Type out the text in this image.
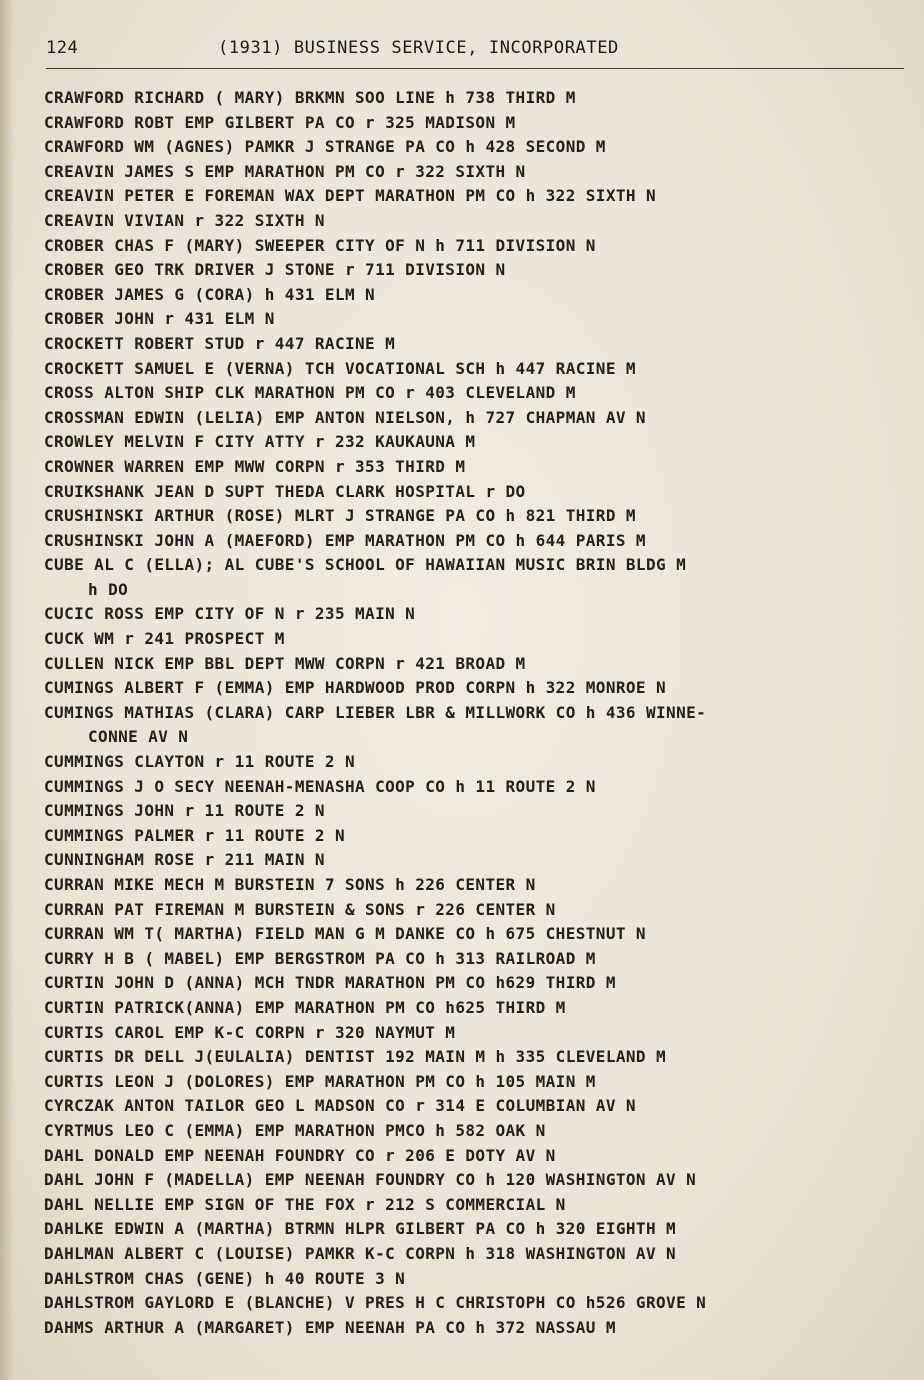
124	(1931) BUSINESS SERVICE, INCORPORATED
CRAWFORD RICHARD ( MARY) BRKMN SOO LINE h 738 THIRD M
CRAWFORD ROBT EMP GILBERT PA CO r 325 MADISON M
CRAWFORD WM (AGNES) PAMKR J STRANGE PA CO h 428 SECOND M
CREAVIN JAMES S EMP MARATHON PM CO r 322 SIXTH N
CREAVIN PETER E FOREMAN WAX DEPT MARATHON PM CO h 322 SIXTH N
CREAVIN VIVIAN r 322 SIXTH N
CROBER CHAS F (MARY) SWEEPER CITY OF N h 711 DIVISION N
CROBER GEO TRK DRIVER J STONE r 711 DIVISION N
CROBER JAMES G (CORA) h 431 ELM N
CROBER JOHN r 431 ELM N
CROCKETT ROBERT STUD r 447 RACINE M
CROCKETT SAMUEL E (VERNA) TCH VOCATIONAL SCH h 447 RACINE M
CROSS ALTON SHIP CLK MARATHON PM CO r 403 CLEVELAND M
CROSSMAN EDWIN (LELIA) EMP ANTON NIELSON, h 727 CHAPMAN AV N
CROWLEY MELVIN F CITY ATTY r 232 KAUKAUNA M
CROWNER WARREN EMP MWW CORPN r 353 THIRD M
CRUIKSHANK JEAN D SUPT THEDA CLARK HOSPITAL r DO
CRUSHINSKI ARTHUR (ROSE) MLRT J STRANGE PA CO h 821 THIRD M
CRUSHINSKI JOHN A (MAEFORD) EMP MARATHON PM CO h 644 PARIS M
CUBE AL C (ELLA); AL CUBE'S SCHOOL OF HAWAIIAN MUSIC BRIN BLDG M
h DO
CUCIC ROSS EMP CITY OF N r 235 MAIN N
CUCK WM r 241 PROSPECT M
CULLEN NICK EMP BBL DEPT MWW CORPN r 421 BROAD M
CUMINGS ALBERT F (EMMA) EMP HARDWOOD PROD CORPN h 322 MONROE N
CUMINGS MATHIAS (CLARA) CARP LIEBER LBR & MILLWORK CO h 436 WINNE-
CONNE AV N
CUMMINGS CLAYTON r 11 ROUTE 2 N
CUMMINGS J O SECY NEENAH-MENASHA COOP CO h 11 ROUTE 2 N
CUMMINGS JOHN r 11 ROUTE 2 N
CUMMINGS PALMER r 11 ROUTE 2 N
CUNNINGHAM ROSE r 211 MAIN N
CURRAN MIKE MECH M BURSTEIN 7 SONS h 226 CENTER N
CURRAN PAT FIREMAN M BURSTEIN & SONS r 226 CENTER N
CURRAN WM T( MARTHA) FIELD MAN G M DANKE CO h 675 CHESTNUT N
CURRY H B ( MABEL) EMP BERGSTROM PA CO h 313 RAILROAD M
CURTIN JOHN D (ANNA) MCH TNDR MARATHON PM CO h629 THIRD M
CURTIN PATRICK(ANNA) EMP MARATHON PM CO h625 THIRD M
CURTIS CAROL EMP K-C CORPN r 320 NAYMUT M
CURTIS DR DELL J(EULALIA) DENTIST 192 MAIN M h 335 CLEVELAND M
CURTIS LEON J (DOLORES) EMP MARATHON PM CO h 105 MAIN M
CYRCZAK ANTON TAILOR GEO L MADSON CO r 314 E COLUMBIAN AV N
CYRTMUS LEO C (EMMA) EMP MARATHON PMCO h 582 OAK N
DAHL DONALD EMP NEENAH FOUNDRY CO r 206 E DOTY AV N
DAHL JOHN F (MADELLA) EMP NEENAH FOUNDRY CO h 120 WASHINGTON AV N
DAHL NELLIE EMP SIGN OF THE FOX r 212 S COMMERCIAL N
DAHLKE EDWIN A (MARTHA) BTRMN HLPR GILBERT PA CO h 320 EIGHTH M
DAHLMAN ALBERT C (LOUISE) PAMKR K-C CORPN h 318 WASHINGTON AV N
DAHLSTROM CHAS (GENE) h 40 ROUTE 3 N
DAHLSTROM GAYLORD E (BLANCHE) V PRES H C CHRISTOPH CO h526 GROVE N
DAHMS ARTHUR A (MARGARET) EMP NEENAH PA CO h 372 NASSAU M
